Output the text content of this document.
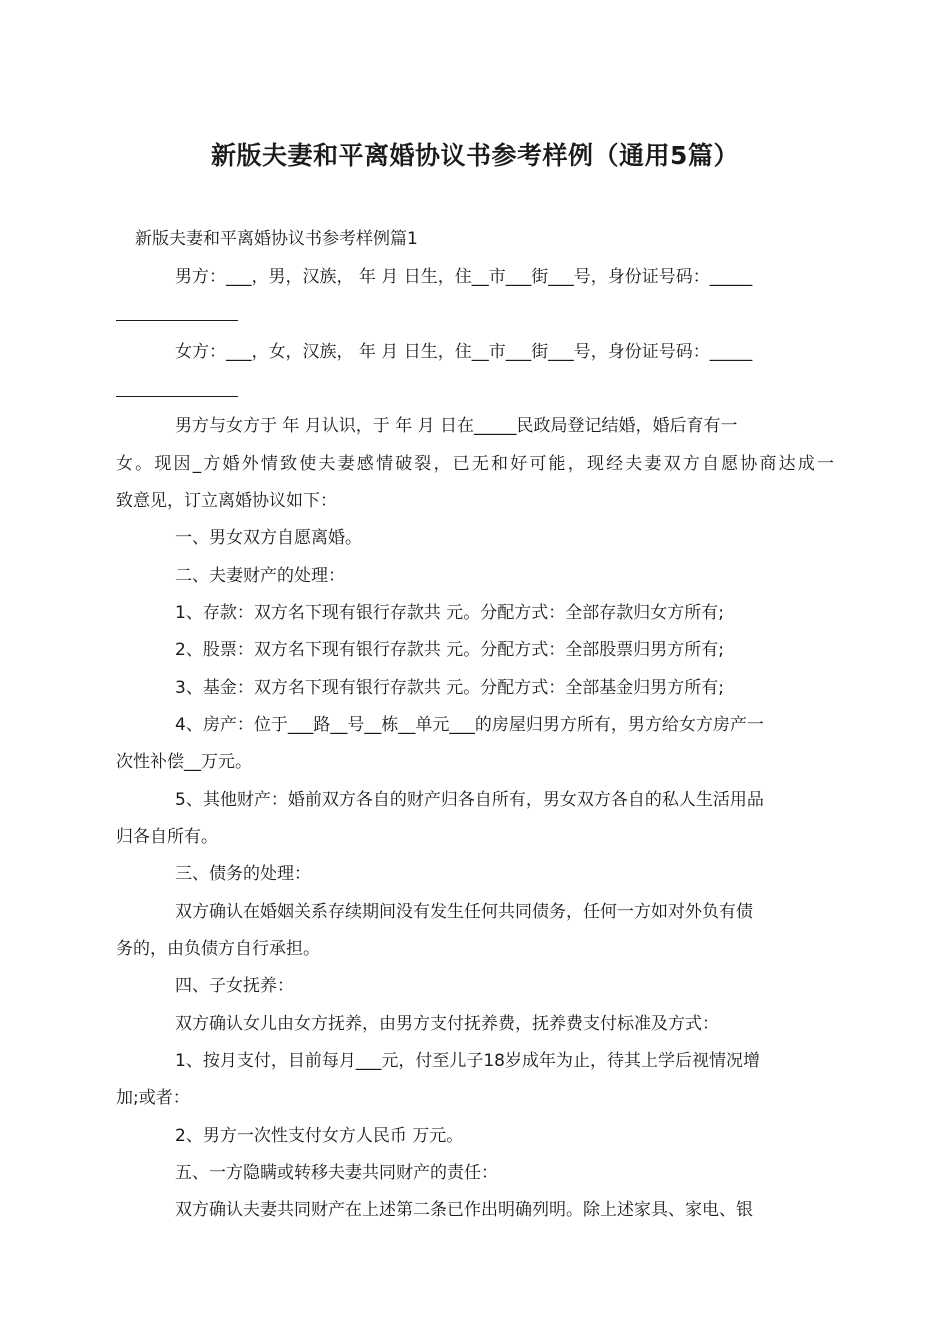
新版夫妻和平离婚协议书参考样例（通用5篇）
新版夫妻和平离婚协议书参考样例篇1
男方：___，男，汉族， 年 月 日生，住__市___街___号，身份证号码：_____
女方：___，女，汉族， 年 月 日生，住__市___街___号，身份证号码：_____
男方与女方于 年 月认识，于 年 月 日在_____民政局登记结婚，婚后育有一
女。现因_方婚外情致使夫妻感情破裂，已无和好可能，现经夫妻双方自愿协商达成一
致意见，订立离婚协议如下：
一、男女双方自愿离婚。
二、夫妻财产的处理：
1、存款：双方名下现有银行存款共 元。分配方式：全部存款归女方所有;
2、股票：双方名下现有银行存款共 元。分配方式：全部股票归男方所有;
3、基金：双方名下现有银行存款共 元。分配方式：全部基金归男方所有;
4、房产：位于___路__号__栋__单元___的房屋归男方所有，男方给女方房产一
次性补偿__万元。
5、其他财产：婚前双方各自的财产归各自所有，男女双方各自的私人生活用品
归各自所有。
三、债务的处理：
双方确认在婚姻关系存续期间没有发生任何共同债务，任何一方如对外负有债
务的，由负债方自行承担。
四、子女抚养：
双方确认女儿由女方抚养，由男方支付抚养费，抚养费支付标准及方式：
1、按月支付，目前每月___元，付至儿子18岁成年为止，待其上学后视情况增
加;或者：
2、男方一次性支付女方人民币 万元。
五、一方隐瞒或转移夫妻共同财产的责任：
双方确认夫妻共同财产在上述第二条已作出明确列明。除上述家具、家电、银
